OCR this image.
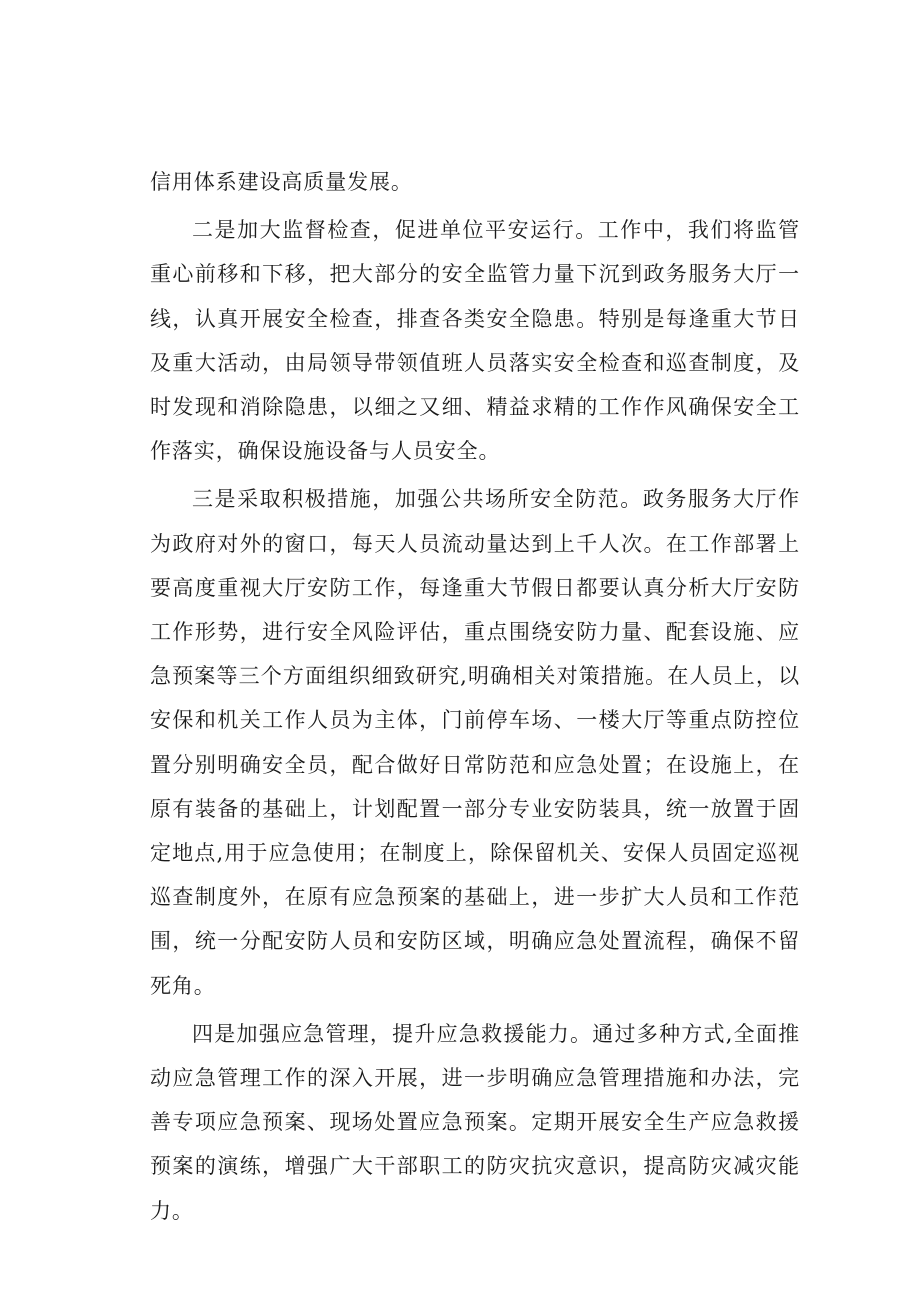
信用体系建设高质量发展。

二是加大监督检查，促进单位平安运行。工作中，我们将监管重心前移和下移，把大部分的安全监管力量下沉到政务服务大厅一线，认真开展安全检查，排查各类安全隐患。特别是每逢重大节日及重大活动，由局领导带领值班人员落实安全检查和巡查制度，及时发现和消除隐患，以细之又细、精益求精的工作作风确保安全工作落实，确保设施设备与人员安全。

三是采取积极措施，加强公共场所安全防范。政务服务大厅作为政府对外的窗口，每天人员流动量达到上千人次。在工作部署上要高度重视大厅安防工作，每逢重大节假日都要认真分析大厅安防工作形势，进行安全风险评估，重点围绕安防力量、配套设施、应急预案等三个方面组织细致研究,明确相关对策措施。在人员上，以安保和机关工作人员为主体，门前停车场、一楼大厅等重点防控位置分别明确安全员，配合做好日常防范和应急处置；在设施上，在原有装备的基础上，计划配置一部分专业安防装具，统一放置于固定地点,用于应急使用；在制度上，除保留机关、安保人员固定巡视巡查制度外，在原有应急预案的基础上，进一步扩大人员和工作范围，统一分配安防人员和安防区域，明确应急处置流程，确保不留死角。

四是加强应急管理，提升应急救援能力。通过多种方式,全面推动应急管理工作的深入开展，进一步明确应急管理措施和办法，完善专项应急预案、现场处置应急预案。定期开展安全生产应急救援预案的演练，增强广大干部职工的防灾抗灾意识，提高防灾减灾能力。
